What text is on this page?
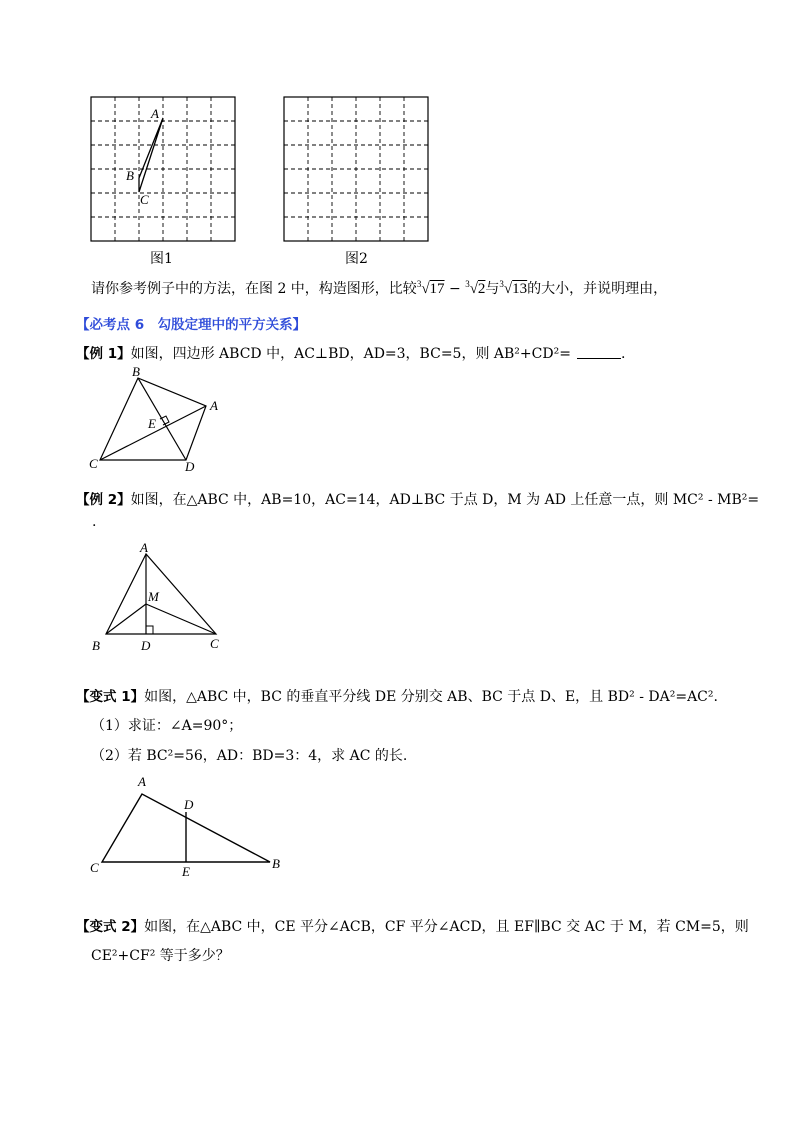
A
B
C
图1	图2
请你参考例子中的方法，在图 2 中，构造图形，比较$^3$√17 − $^3$√2与$^3$√13的大小，并说明理由，
【必考点 6　勾股定理中的平方关系】
【例 1】如图，四边形 ABCD 中，AC⊥BD，AD=3，BC=5，则 AB²+CD²=	.
B
A
E
C	D
【例 2】如图，在△ABC 中，AB=10，AC=14，AD⊥BC 于点 D，M 为 AD 上任意一点，则 MC² - MB²=
.
A
M
B	D	C
【变式 1】如图，△ABC 中，BC 的垂直平分线 DE 分别交 AB、BC 于点 D、E，且 BD² - DA²=AC².
（1）求证：∠A=90°；
（2）若 BC²=56，AD：BD=3：4，求 AC 的长.
A
D
C	E
B
【变式 2】如图，在△ABC 中，CE 平分∠ACB，CF 平分∠ACD，且 EF∥BC 交 AC 于 M，若 CM=5，则
CE²+CF² 等于多少？
